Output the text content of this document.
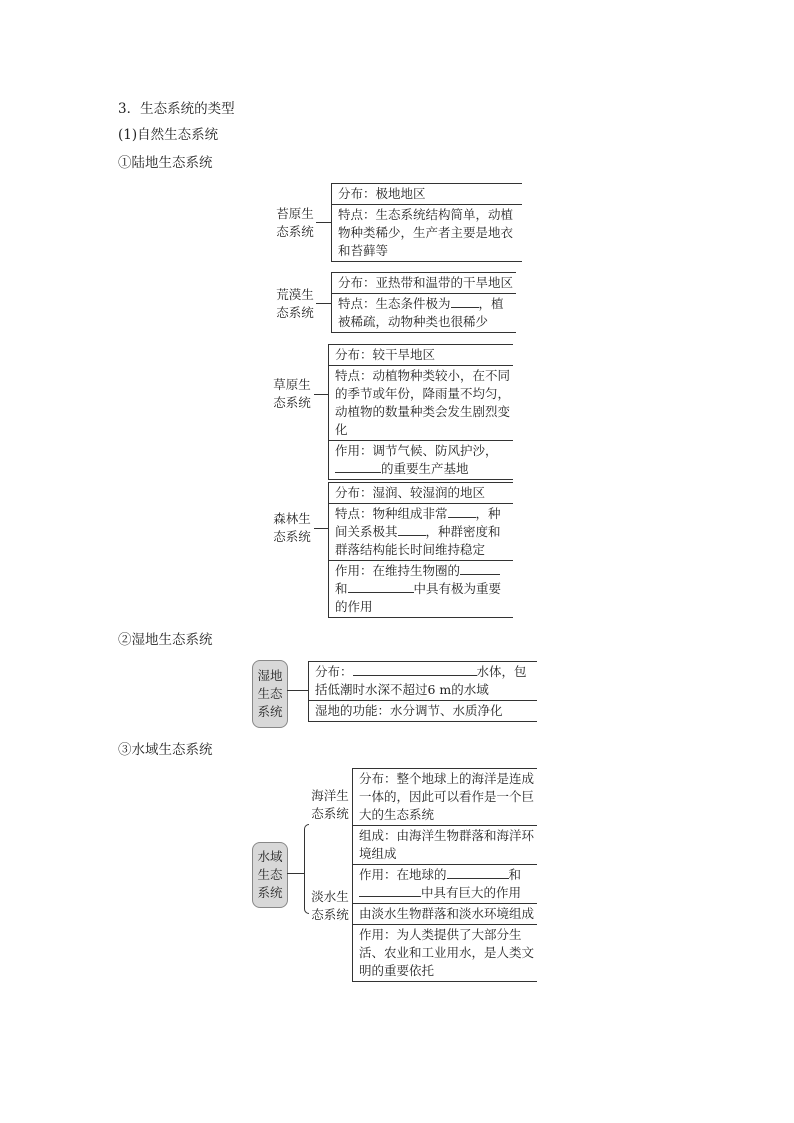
3．生态系统的类型
(1)自然生态系统
①陆地生态系统
②湿地生态系统
③水域生态系统
苔原生
态系统
分布：极地地区
特点：生态系统结构简单，动植物种类稀少，生产者主要是地衣和苔藓等
荒漠生
态系统
分布：亚热带和温带的干旱地区
特点：生态条件极为 ，植被稀疏，动物种类也很稀少
草原生
态系统
分布：较干旱地区
特点：动植物种类较小，在不同的季节或年份，降雨量不均匀，动植物的数量种类会发生剧烈变化
作用：调节气候、防风护沙，
的重要生产基地
森林生
态系统
分布：湿润、较湿润的地区
特点：物种组成非常 ，种间关系极其 ，种群密度和群落结构能长时间维持稳定
作用：在维持生物圈的
和	中具有极为重要的作用
湿地
生态
系统
分布：	水体，包括低潮时水深不超过6 m的水域
湿地的功能：水分调节、水质净化
水域
生态
系统
海洋生
态系统
淡水生
态系统
分布：整个地球上的海洋是连成一体的，因此可以看作是一个巨大的生态系统
组成：由海洋生物群落和海洋环境组成
作用：在地球的	和
中具有巨大的作用
由淡水生物群落和淡水环境组成
作用：为人类提供了大部分生活、农业和工业用水，是人类文明的重要依托
